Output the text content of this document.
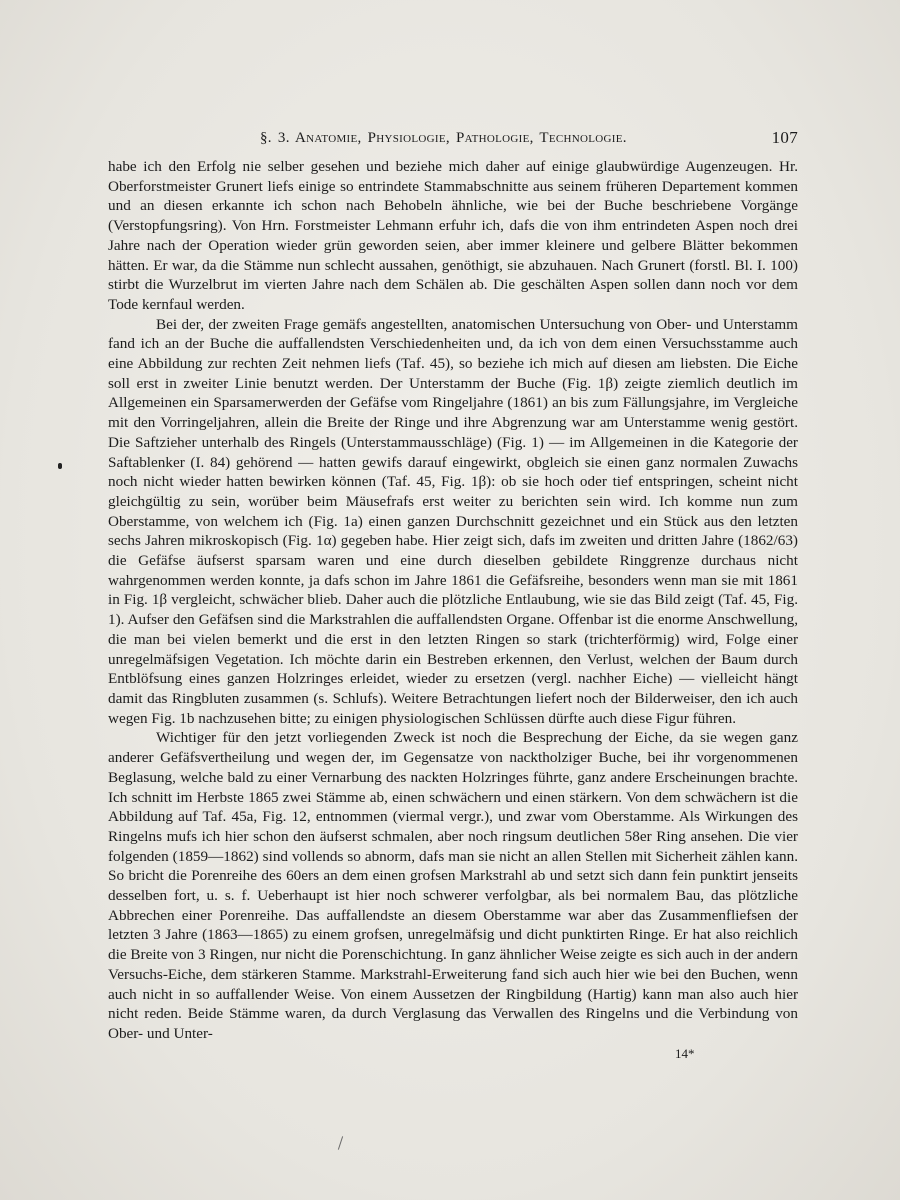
§. 3. Anatomie, Physiologie, Pathologie, Technologie.	107

habe ich den Erfolg nie selber gesehen und beziehe mich daher auf einige glaubwürdige Augenzeugen. Hr. Oberforstmeister Grunert liefs einige so entrindete Stammabschnitte aus seinem früheren Departement kommen und an diesen erkannte ich schon nach Behobeln ähnliche, wie bei der Buche beschriebene Vorgänge (Verstopfungsring). Von Hrn. Forstmeister Lehmann erfuhr ich, dafs die von ihm entrindeten Aspen noch drei Jahre nach der Operation wieder grün geworden seien, aber immer kleinere und gelbere Blätter bekommen hätten. Er war, da die Stämme nun schlecht aussahen, genöthigt, sie abzuhauen. Nach Grunert (forstl. Bl. I. 100) stirbt die Wurzelbrut im vierten Jahre nach dem Schälen ab. Die geschälten Aspen sollen dann noch vor dem Tode kernfaul werden.

Bei der, der zweiten Frage gemäfs angestellten, anatomischen Untersuchung von Ober- und Unterstamm fand ich an der Buche die auffallendsten Verschiedenheiten und, da ich von dem einen Versuchsstamme auch eine Abbildung zur rechten Zeit nehmen liefs (Taf. 45), so beziehe ich mich auf diesen am liebsten. Die Eiche soll erst in zweiter Linie benutzt werden. Der Unterstamm der Buche (Fig. 1β) zeigte ziemlich deutlich im Allgemeinen ein Sparsamerwerden der Gefäfse vom Ringeljahre (1861) an bis zum Fällungsjahre, im Vergleiche mit den Vorringeljahren, allein die Breite der Ringe und ihre Abgrenzung war am Unterstamme wenig gestört. Die Saftzieher unterhalb des Ringels (Unterstammausschläge) (Fig. 1) — im Allgemeinen in die Kategorie der Saftablenker (I. 84) gehörend — hatten gewifs darauf eingewirkt, obgleich sie einen ganz normalen Zuwachs noch nicht wieder hatten bewirken können (Taf. 45, Fig. 1β): ob sie hoch oder tief entspringen, scheint nicht gleichgültig zu sein, worüber beim Mäusefrafs erst weiter zu berichten sein wird. Ich komme nun zum Oberstamme, von welchem ich (Fig. 1a) einen ganzen Durchschnitt gezeichnet und ein Stück aus den letzten sechs Jahren mikroskopisch (Fig. 1α) gegeben habe. Hier zeigt sich, dafs im zweiten und dritten Jahre (1862/63) die Gefäfse äufserst sparsam waren und eine durch dieselben gebildete Ringgrenze durchaus nicht wahrgenommen werden konnte, ja dafs schon im Jahre 1861 die Gefäfsreihe, besonders wenn man sie mit 1861 in Fig. 1β vergleicht, schwächer blieb. Daher auch die plötzliche Entlaubung, wie sie das Bild zeigt (Taf. 45, Fig. 1). Aufser den Gefäfsen sind die Markstrahlen die auffallendsten Organe. Offenbar ist die enorme Anschwellung, die man bei vielen bemerkt und die erst in den letzten Ringen so stark (trichterförmig) wird, Folge einer unregelmäfsigen Vegetation. Ich möchte darin ein Bestreben erkennen, den Verlust, welchen der Baum durch Entblöfsung eines ganzen Holzringes erleidet, wieder zu ersetzen (vergl. nachher Eiche) — vielleicht hängt damit das Ringbluten zusammen (s. Schlufs). Weitere Betrachtungen liefert noch der Bilderweiser, den ich auch wegen Fig. 1b nachzusehen bitte; zu einigen physiologischen Schlüssen dürfte auch diese Figur führen.

Wichtiger für den jetzt vorliegenden Zweck ist noch die Besprechung der Eiche, da sie wegen ganz anderer Gefäfsvertheilung und wegen der, im Gegensatze von nacktholziger Buche, bei ihr vorgenommenen Beglasung, welche bald zu einer Vernarbung des nackten Holzringes führte, ganz andere Erscheinungen brachte. Ich schnitt im Herbste 1865 zwei Stämme ab, einen schwächern und einen stärkern. Von dem schwächern ist die Abbildung auf Taf. 45a, Fig. 12, entnommen (viermal vergr.), und zwar vom Oberstamme. Als Wirkungen des Ringelns mufs ich hier schon den äufserst schmalen, aber noch ringsum deutlichen 58er Ring ansehen. Die vier folgenden (1859—1862) sind vollends so abnorm, dafs man sie nicht an allen Stellen mit Sicherheit zählen kann. So bricht die Porenreihe des 60ers an dem einen grofsen Markstrahl ab und setzt sich dann fein punktirt jenseits desselben fort, u. s. f. Ueberhaupt ist hier noch schwerer verfolgbar, als bei normalem Bau, das plötzliche Abbrechen einer Porenreihe. Das auffallendste an diesem Oberstamme war aber das Zusammenfliefsen der letzten 3 Jahre (1863—1865) zu einem grofsen, unregelmäfsig und dicht punktirten Ringe. Er hat also reichlich die Breite von 3 Ringen, nur nicht die Porenschichtung. In ganz ähnlicher Weise zeigte es sich auch in der andern Versuchs-Eiche, dem stärkeren Stamme. Markstrahl-Erweiterung fand sich auch hier wie bei den Buchen, wenn auch nicht in so auffallender Weise. Von einem Aussetzen der Ringbildung (Hartig) kann man also auch hier nicht reden. Beide Stämme waren, da durch Verglasung das Verwallen des Ringelns und die Verbindung von Ober- und Unter-

14*
